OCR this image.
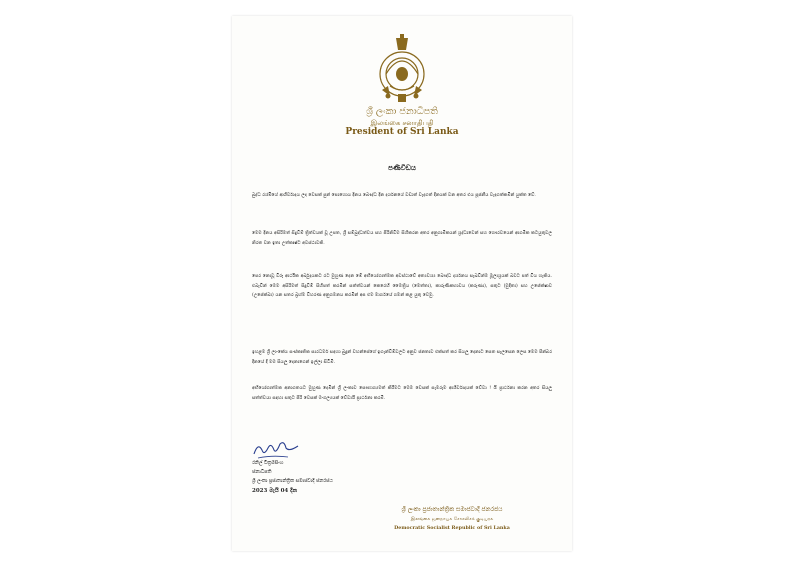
ශ්‍රී ලංකා ජනාධිපති
இலங்கை சனாதிபதி
President of Sri Lanka
පණිවිඩය
බුද්ධ රශ්මියේ ආශිර්වාදය ලද වෙසක් පුන් පොහොය දිනය බෞද්ධ දින දර්ශනයේ වඩාත් වැදගත් දිනයක් වන අතර එය පූජනීය වැදගත්කමින් යුක්ත වේ.
මෙම දිනය අසිරිමත් සිදුවීම් ත්‍රිත්වයක් වූ උපත, ශ්‍රී සම්බුද්ධත්වය සහ පිරිනිවීම සිහිකරන අතර අනුගාමිකයන් ශ්‍රද්ධාවෙන් සහ ගෞරවයෙන් ආගමික කටයුතුවල නිරත වන ඉතා උත්කෘෂ්ට අවස්ථාවකි.
පෙර නොවූ විරූ ආර්ථික අර්බුදයකට රට මුහුණ දෙන මේ අභියෝගාත්මක අවස්ථාවේ අත්‍යවශ්‍ය බෞද්ධ දර්ශනය සැබවින්ම මූලාශ්‍රයක් බවට පත් විය හැකිය. එබැවින් මෙම අසිරිමත් සිදුවීම් සිහිපත් කරමින් සත්ත්වයන් කෙරෙහි මෛත්‍රිය (මෙත්තා), කාරුණිකභාවය (කරුණා), සතුට (මුදිතා) සහ උපේක්ෂාව (උපේක්ඛා) යන සතර බ්‍රහ්ම විහරණ අනුගමනය කරමින් අප එම මාර්ගයේ ගමන් කළ යුතු වෙමු.
ඉහළම ශ්‍රී ලාංකේය සංස්කෘතික සාරධර්ම සඳහා බුදුන් වහන්සේගේ ඉගැන්වීම්වලට අනුව ජනතාව එක්සත් කර සියලු දෙනාට සෙත සැලසෙන ලෙස මෙම පින්බර දිනයේ දී මම සියලු දෙනාගෙන් ඉල්ලා සිටිමි.
අභියෝගාත්මක අනාගතයට මුහුණ දෙමින් ශ්‍රී ලංකාව සෞභාග්‍යමත් කිරීමට මෙම වෙසක් සැමරුම ආශිර්වාදයක් වේවා ! යි ප්‍රාර්ථනා කරන අතර සියලු සත්ත්වයා සඳහා සතුට පිරි වෙසක් මංගල්‍යයක් වේවායි ප්‍රාර්ථනා කරමි.
රනිල් වික්‍රමසිංහ
ජනාධිපති
ශ්‍රී ලංකා ප්‍රජාතාන්ත්‍රික සමාජවාදී ජනරජය
2023 මැයි 04 දින
ශ්‍රී ලංකා ප්‍රජාතාන්ත්‍රික සමාජවාදී ජනරජය
இலங்கை ஜனநாயக சோசலிசக் குடியரசு
Democratic Socialist Republic of Sri Lanka
